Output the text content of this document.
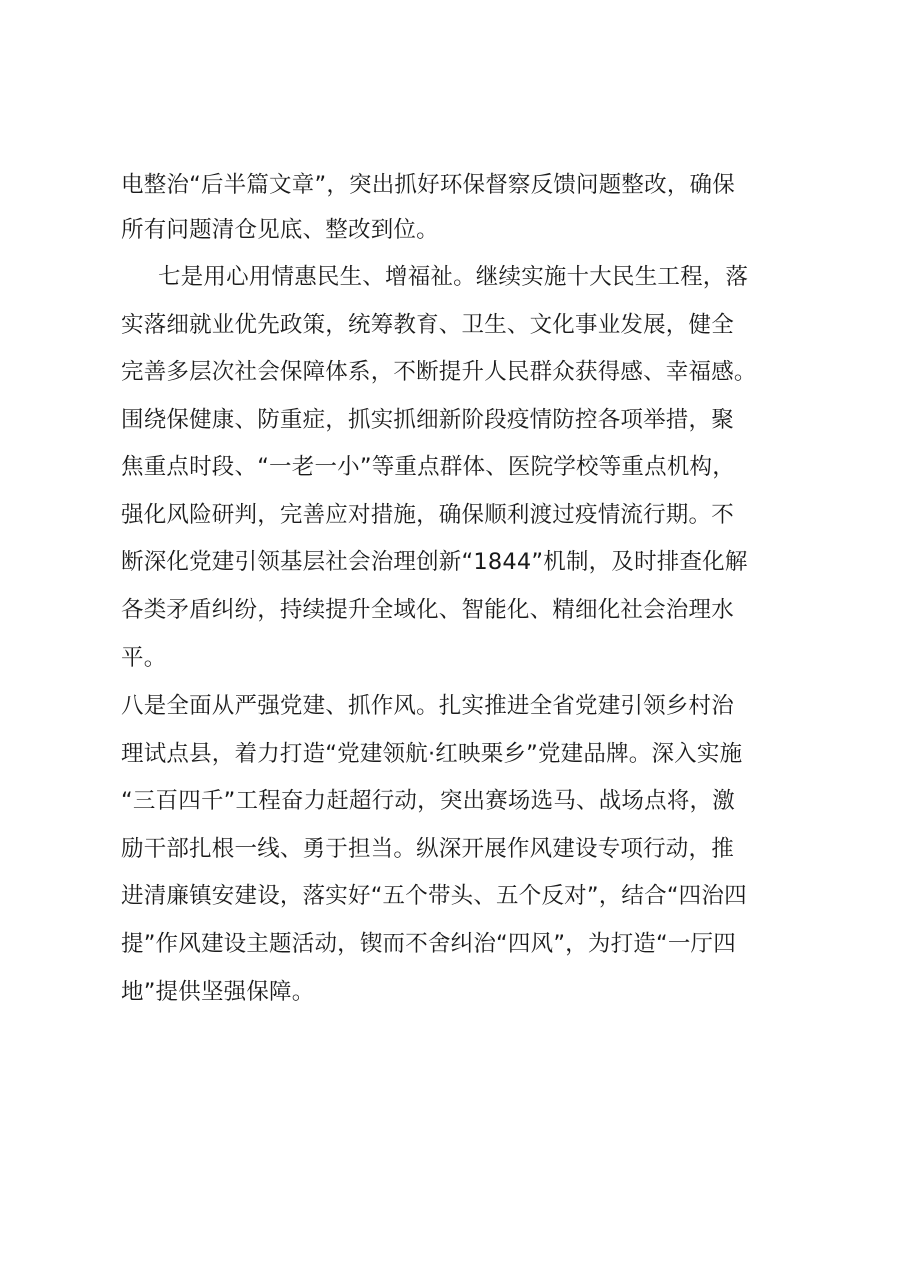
电整治“后半篇文章”，突出抓好环保督察反馈问题整改，确保
所有问题清仓见底、整改到位。
七是用心用情惠民生、增福祉。继续实施十大民生工程，落
实落细就业优先政策，统筹教育、卫生、文化事业发展，健全
完善多层次社会保障体系，不断提升人民群众获得感、幸福感。
围绕保健康、防重症，抓实抓细新阶段疫情防控各项举措，聚
焦重点时段、“一老一小”等重点群体、医院学校等重点机构，
强化风险研判，完善应对措施，确保顺利渡过疫情流行期。不
断深化党建引领基层社会治理创新“1844”机制，及时排查化解
各类矛盾纠纷，持续提升全域化、智能化、精细化社会治理水
平。
八是全面从严强党建、抓作风。扎实推进全省党建引领乡村治
理试点县，着力打造“党建领航·红映栗乡”党建品牌。深入实施
“三百四千”工程奋力赶超行动，突出赛场选马、战场点将，激
励干部扎根一线、勇于担当。纵深开展作风建设专项行动，推
进清廉镇安建设，落实好“五个带头、五个反对”，结合“四治四
提”作风建设主题活动，锲而不舍纠治“四风”，为打造“一厅四
地”提供坚强保障。
